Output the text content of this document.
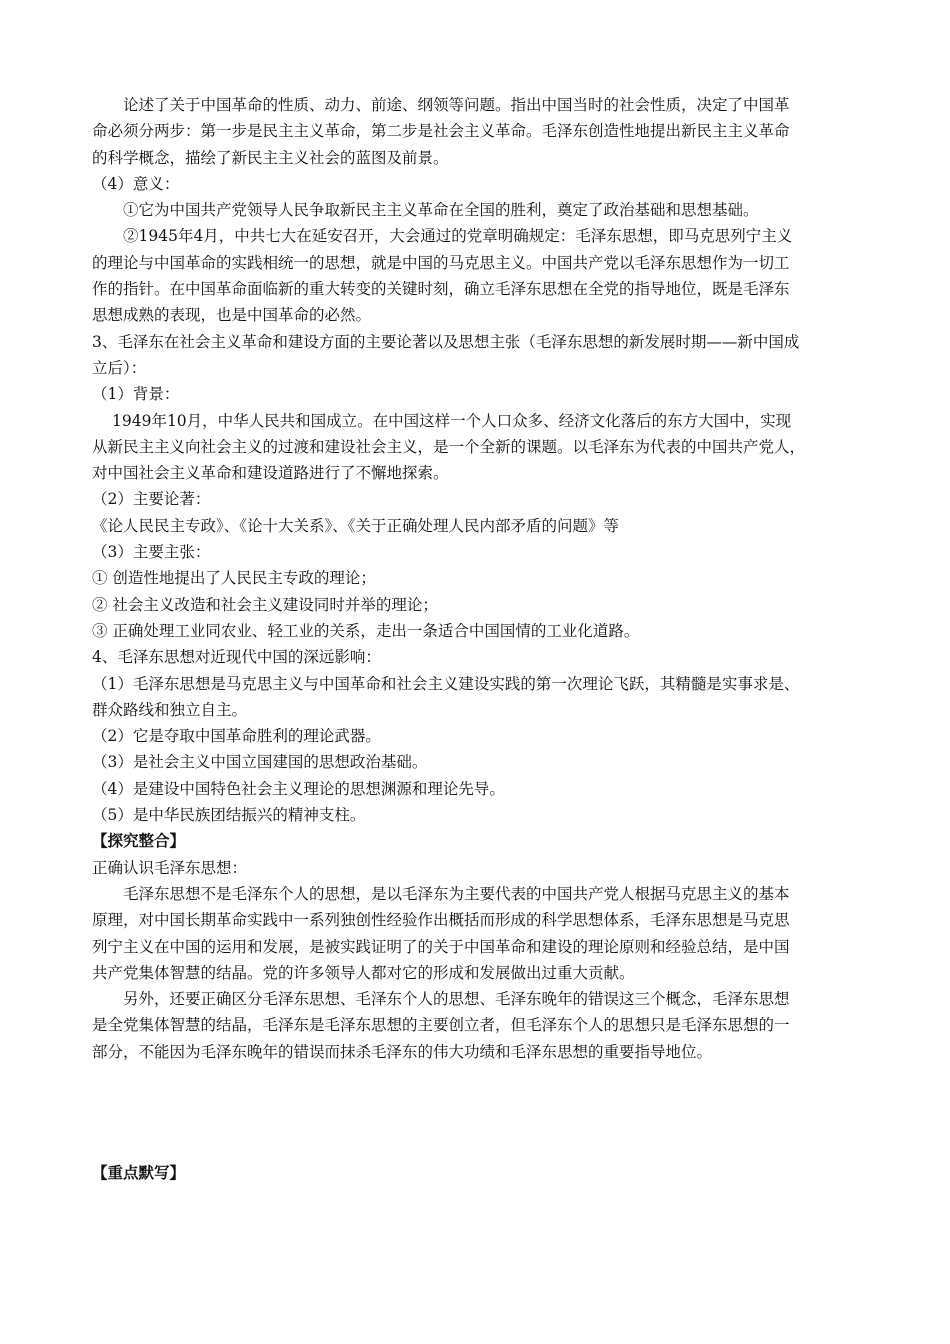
论述了关于中国革命的性质、动力、前途、纲领等问题。指出中国当时的社会性质，决定了中国革
命必须分两步：第一步是民主主义革命，第二步是社会主义革命。毛泽东创造性地提出新民主主义革命
的科学概念，描绘了新民主主义社会的蓝图及前景。
（4）意义：
①它为中国共产党领导人民争取新民主主义革命在全国的胜利，奠定了政治基础和思想基础。
②1945年4月，中共七大在延安召开，大会通过的党章明确规定：毛泽东思想，即马克思列宁主义
的理论与中国革命的实践相统一的思想，就是中国的马克思主义。中国共产党以毛泽东思想作为一切工
作的指针。在中国革命面临新的重大转变的关键时刻，确立毛泽东思想在全党的指导地位，既是毛泽东
思想成熟的表现，也是中国革命的必然。
3、毛泽东在社会主义革命和建设方面的主要论著以及思想主张（毛泽东思想的新发展时期——新中国成
立后）：
（1）背景：
1949年10月，中华人民共和国成立。在中国这样一个人口众多、经济文化落后的东方大国中，实现
从新民主主义向社会主义的过渡和建设社会主义，是一个全新的课题。以毛泽东为代表的中国共产党人，
对中国社会主义革命和建设道路进行了不懈地探索。
（2）主要论著：
《论人民民主专政》、《论十大关系》、《关于正确处理人民内部矛盾的问题》等
（3）主要主张：
① 创造性地提出了人民民主专政的理论；
② 社会主义改造和社会主义建设同时并举的理论；
③ 正确处理工业同农业、轻工业的关系，走出一条适合中国国情的工业化道路。
4、毛泽东思想对近现代中国的深远影响：
（1）毛泽东思想是马克思主义与中国革命和社会主义建设实践的第一次理论飞跃，其精髓是实事求是、
群众路线和独立自主。
（2）它是夺取中国革命胜利的理论武器。
（3）是社会主义中国立国建国的思想政治基础。
（4）是建设中国特色社会主义理论的思想渊源和理论先导。
（5）是中华民族团结振兴的精神支柱。
【探究整合】
正确认识毛泽东思想：
毛泽东思想不是毛泽东个人的思想，是以毛泽东为主要代表的中国共产党人根据马克思主义的基本
原理，对中国长期革命实践中一系列独创性经验作出概括而形成的科学思想体系，毛泽东思想是马克思
列宁主义在中国的运用和发展，是被实践证明了的关于中国革命和建设的理论原则和经验总结，是中国
共产党集体智慧的结晶。党的许多领导人都对它的形成和发展做出过重大贡献。
另外，还要正确区分毛泽东思想、毛泽东个人的思想、毛泽东晚年的错误这三个概念，毛泽东思想
是全党集体智慧的结晶，毛泽东是毛泽东思想的主要创立者，但毛泽东个人的思想只是毛泽东思想的一
部分，不能因为毛泽东晚年的错误而抹杀毛泽东的伟大功绩和毛泽东思想的重要指导地位。
【重点默写】
